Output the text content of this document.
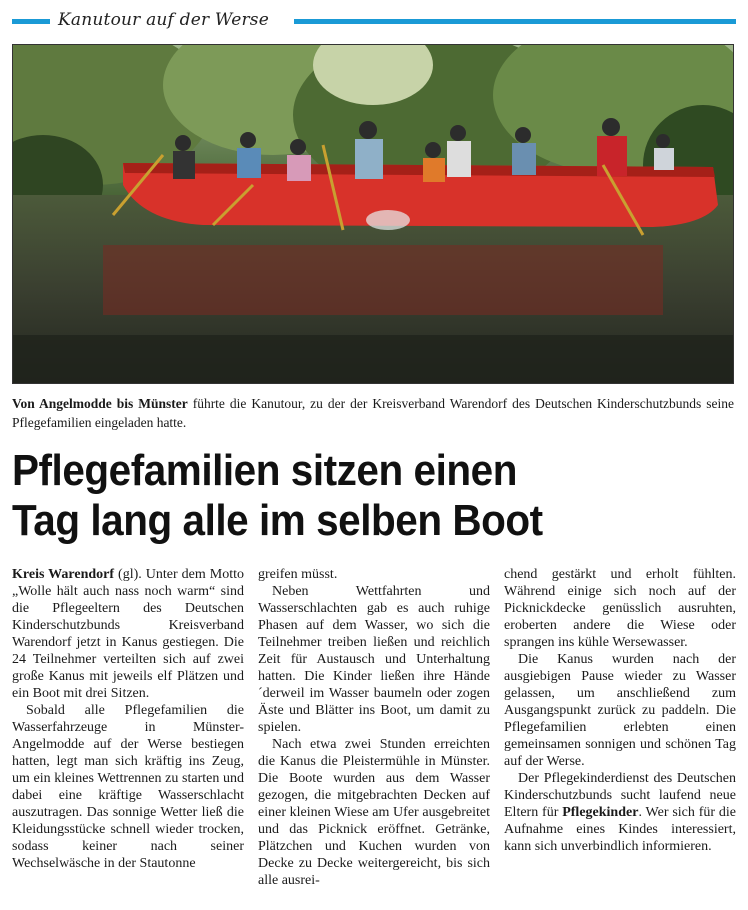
Kanutour auf der Werse
Von Angelmodde bis Münster führte die Kanutour, zu der der Kreisverband Warendorf des Deutschen Kinderschutzbunds seine Pflegefamilien eingeladen hatte.
Pflegefamilien sitzen einen
Tag lang alle im selben Boot

Kreis Warendorf (gl). Unter dem Motto „Wolle hält auch nass noch warm“ sind die Pflegeeltern des Deutschen Kinderschutzbunds Kreisverband Warendorf jetzt in Kanus gestiegen. Die 24 Teilnehmer verteilten sich auf zwei große Kanus mit jeweils elf Plätzen und ein Boot mit drei Sitzen.

Sobald alle Pflegefamilien die Wasserfahrzeuge in Münster-Angelmodde auf der Werse bestiegen hatten, legt man sich kräftig ins Zeug, um ein kleines Wettrennen zu starten und dabei eine kräftige Wasserschlacht auszutragen. Das sonnige Wetter ließ die Kleidungsstücke schnell wieder trocken, sodass keiner nach seiner Wechselwäsche in der Stautonne

greifen müsst.

Neben Wettfahrten und Wasserschlachten gab es auch ruhige Phasen auf dem Wasser, wo sich die Teilnehmer treiben ließen und reichlich Zeit für Austausch und Unterhaltung hatten. Die Kinder ließen ihre Hände ´derweil im Wasser baumeln oder zogen Äste und Blätter ins Boot, um damit zu spielen.

Nach etwa zwei Stunden erreichten die Kanus die Pleistermühle in Münster. Die Boote wurden aus dem Wasser gezogen, die mitgebrachten Decken auf einer kleinen Wiese am Ufer ausgebreitet und das Picknick eröffnet. Getränke, Plätzchen und Kuchen wurden von Decke zu Decke weitergereicht, bis sich alle ausrei-

chend gestärkt und erholt fühlten. Während einige sich noch auf der Picknickdecke genüsslich ausruhten, eroberten andere die Wiese oder sprangen ins kühle Wersewasser.

Die Kanus wurden nach der ausgiebigen Pause wieder zu Wasser gelassen, um anschließend zum Ausgangspunkt zurück zu paddeln. Die Pflegefamilien erlebten einen gemeinsamen sonnigen und schönen Tag auf der Werse.

Der Pflegekinderdienst des Deutschen Kinderschutzbunds sucht laufend neue Eltern für Pflegekinder. Wer sich für die Aufnahme eines Kindes interessiert, kann sich unverbindlich informieren.
